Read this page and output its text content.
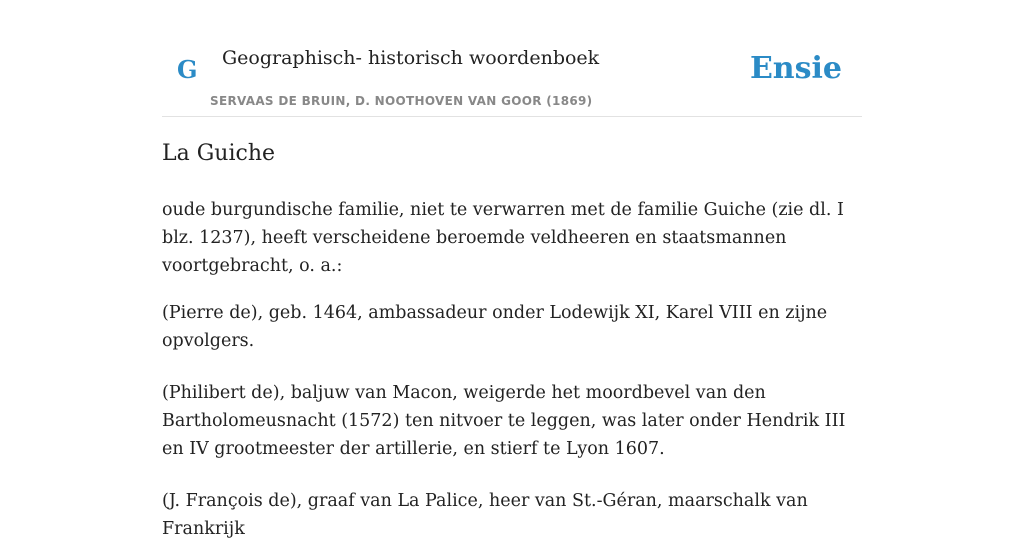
G Geographisch- historisch woordenboek
SERVAAS DE BRUIN, D. NOOTHOVEN VAN GOOR (1869)
Ensie
La Guiche

oude burgundische familie, niet te verwarren met de familie Guiche (zie dl. I blz. 1237), heeft verscheidene beroemde veldheeren en staatsmannen voortgebracht, o. a.:

(Pierre de), geb. 1464, ambassadeur onder Lodewijk XI, Karel VIII en zijne opvolgers.

(Philibert de), baljuw van Macon, weigerde het moordbevel van den Bartholomeusnacht (1572) ten nitvoer te leggen, was later onder Hendrik III en IV grootmeester der artillerie, en stierf te Lyon 1607.

(J. François de), graaf van La Palice, heer van St.-Géran, maarschalk van Frankrijk
